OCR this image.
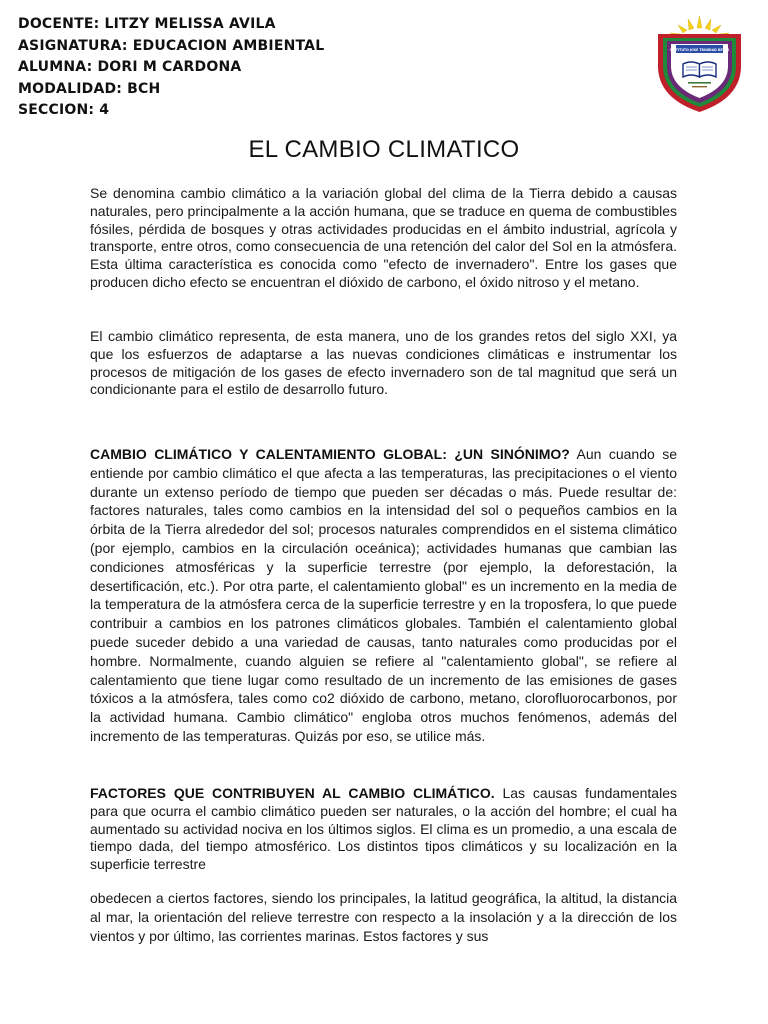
DOCENTE: LITZY MELISSA AVILA
ASIGNATURA: EDUCACION AMBIENTAL
ALUMNA: DORI M CARDONA
MODALIDAD: BCH
SECCION: 4
INSTITUTO JOSE TRINIDAD REYES
EL CAMBIO CLIMATICO

Se denomina cambio climático a la variación global del clima de la Tierra debido a causas naturales, pero principalmente a la acción humana, que se traduce en quema de combustibles fósiles, pérdida de bosques y otras actividades producidas en el ámbito industrial, agrícola y transporte, entre otros, como consecuencia de una retención del calor del Sol en la atmósfera. Esta última característica es conocida como "efecto de invernadero". Entre los gases que producen dicho efecto se encuentran el dióxido de carbono, el óxido nitroso y el metano.

El cambio climático representa, de esta manera, uno de los grandes retos del siglo XXI, ya que los esfuerzos de adaptarse a las nuevas condiciones climáticas e instrumentar los procesos de mitigación de los gases de efecto invernadero son de tal magnitud que será un condicionante para el estilo de desarrollo futuro.

CAMBIO CLIMÁTICO Y CALENTAMIENTO GLOBAL: ¿UN SINÓNIMO? Aun cuando se entiende por cambio climático el que afecta a las temperaturas, las precipitaciones o el viento durante un extenso período de tiempo que pueden ser décadas o más. Puede resultar de: factores naturales, tales como cambios en la intensidad del sol o pequeños cambios en la órbita de la Tierra alrededor del sol; procesos naturales comprendidos en el sistema climático (por ejemplo, cambios en la circulación oceánica); actividades humanas que cambian las condiciones atmosféricas y la superficie terrestre (por ejemplo, la deforestación, la desertificación, etc.). Por otra parte, el calentamiento global" es un incremento en la media de la temperatura de la atmósfera cerca de la superficie terrestre y en la troposfera, lo que puede contribuir a cambios en los patrones climáticos globales. También el calentamiento global puede suceder debido a una variedad de causas, tanto naturales como producidas por el hombre. Normalmente, cuando alguien se refiere al "calentamiento global", se refiere al calentamiento que tiene lugar como resultado de un incremento de las emisiones de gases tóxicos a la atmósfera, tales como co2 dióxido de carbono, metano, clorofluorocarbonos, por la actividad humana. Cambio climático" engloba otros muchos fenómenos, además del incremento de las temperaturas. Quizás por eso, se utilice más.

FACTORES QUE CONTRIBUYEN AL CAMBIO CLIMÁTICO. Las causas fundamentales para que ocurra el cambio climático pueden ser naturales, o la acción del hombre; el cual ha aumentado su actividad nociva en los últimos siglos. El clima es un promedio, a una escala de tiempo dada, del tiempo atmosférico. Los distintos tipos climáticos y su localización en la superficie terrestre

obedecen a ciertos factores, siendo los principales, la latitud geográfica, la altitud, la distancia al mar, la orientación del relieve terrestre con respecto a la insolación y a la dirección de los vientos y por último, las corrientes marinas. Estos factores y sus
